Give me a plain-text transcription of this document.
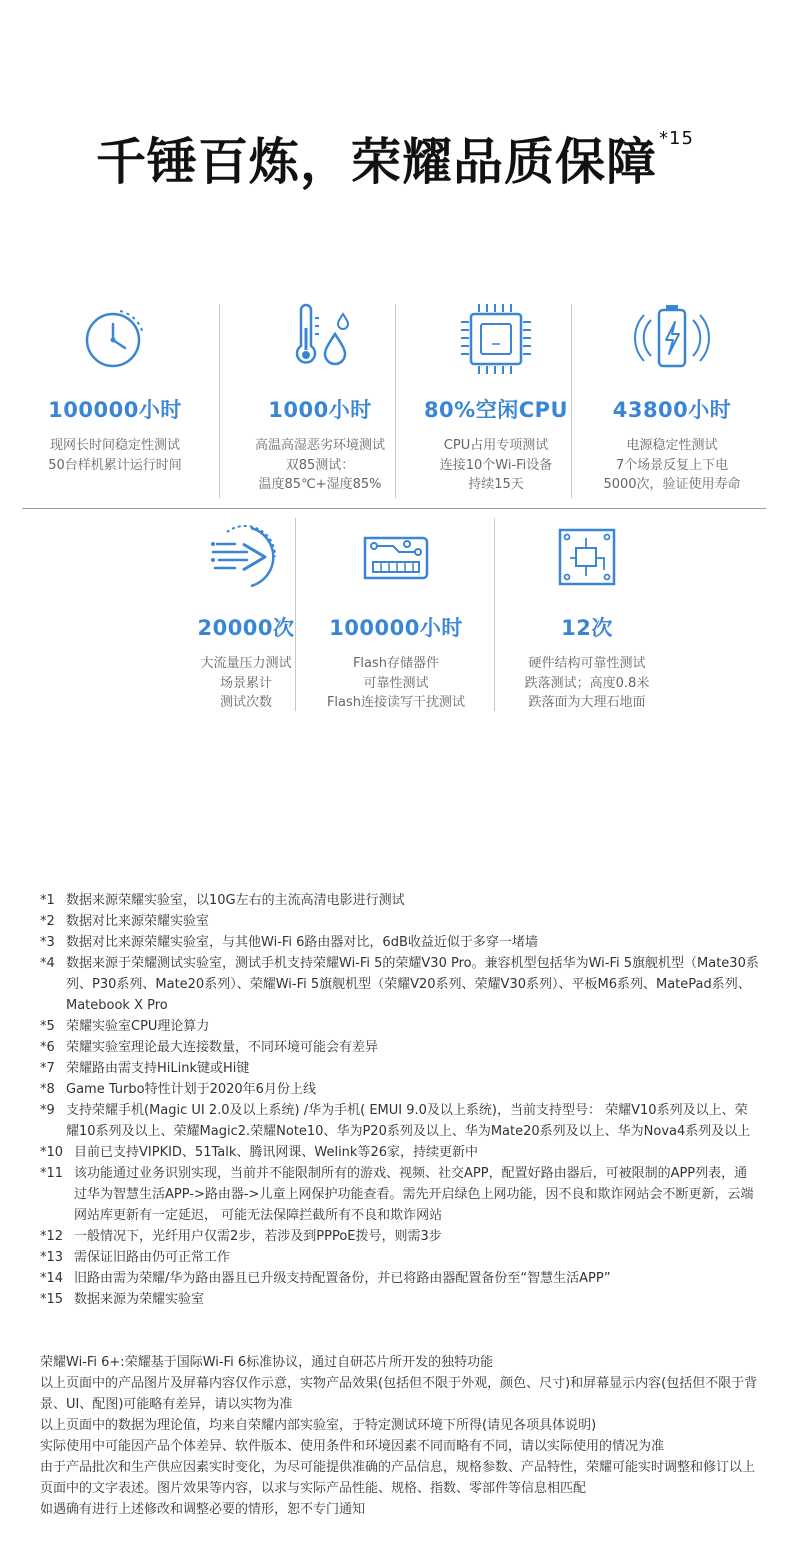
千锤百炼，荣耀品质保障 $^{*15}$
100000小时
现网长时间稳定性测试
50台样机累计运行时间
1000小时
高温高湿恶劣环境测试
双85测试：
温度85℃+湿度85%
80%空闲CPU
CPU占用专项测试
连接10个Wi-Fi设备
持续15天
43800小时
电源稳定性测试
7个场景反复上下电
5000次，验证使用寿命
20000次
大流量压力测试
场景累计
测试次数
100000小时
Flash存储器件
可靠性测试
Flash连接读写干扰测试
12次
硬件结构可靠性测试
跌落测试；高度0.8米
跌落面为大理石地面
*1 数据来源荣耀实验室，以10G左右的主流高清电影进行测试
*2 数据对比来源荣耀实验室
*3 数据对比来源荣耀实验室，与其他Wi-Fi 6路由器对比，6dB收益近似于多穿一堵墙
*4 数据来源于荣耀测试实验室，测试手机支持荣耀Wi-Fi 5的荣耀V30 Pro。兼容机型包括华为Wi-Fi 5旗舰机型（Mate30系列、P30系列、Mate20系列）、荣耀Wi-Fi 5旗舰机型（荣耀V20系列、荣耀V30系列）、平板M6系列、MatePad系列、Matebook X Pro
*5 荣耀实验室CPU理论算力
*6 荣耀实验室理论最大连接数量，不同环境可能会有差异
*7 荣耀路由需支持HiLink键或Hi键
*8 Game Turbo特性计划于2020年6月份上线
*9 支持荣耀手机(Magic UI 2.0及以上系统) /华为手机( EMUI 9.0及以上系统)，当前支持型号： 荣耀V10系列及以上、荣耀10系列及以上、荣耀Magic2.荣耀Note10、华为P20系列及以上、华为Mate20系列及以上、华为Nova4系列及以上
*10 目前已支持VIPKID、51Talk、腾讯网课、Welink等26家，持续更新中
*11 该功能通过业务识别实现，当前并不能限制所有的游戏、视频、社交APP，配置好路由器后，可被限制的APP列表，通过华为智慧生活APP->路由器->儿童上网保护功能查看。需先开启绿色上网功能，因不良和欺诈网站会不断更新，云端网站库更新有一定延迟， 可能无法保障拦截所有不良和欺诈网站
*12 一般情况下，光纤用户仅需2步，若涉及到PPPoE拨号，则需3步
*13 需保证旧路由仍可正常工作
*14 旧路由需为荣耀/华为路由器且已升级支持配置备份，并已将路由器配置备份至“智慧生活APP”
*15 数据来源为荣耀实验室
荣耀Wi-Fi 6+:荣耀基于国际Wi-Fi 6标准协议，通过自研芯片所开发的独特功能
以上页面中的产品图片及屏幕内容仅作示意，实物产品效果(包括但不限于外观，颜色、尺寸)和屏幕显示内容(包括但不限于背景、UI、配图)可能略有差异，请以实物为准
以上页面中的数据为理论值，均来自荣耀内部实验室，于特定测试环境下所得(请见各项具体说明)
实际使用中可能因产品个体差异、软件版本、使用条件和环境因素不同而略有不同，请以实际使用的情况为准
由于产品批次和生产供应因素实时变化，为尽可能提供准确的产品信息，规格参数、产品特性，荣耀可能实时调整和修订以上页面中的文字表述。图片效果等内容，以求与实际产品性能、规格、指数、零部件等信息相匹配
如遇确有进行上述修改和调整必要的情形，恕不专门通知
